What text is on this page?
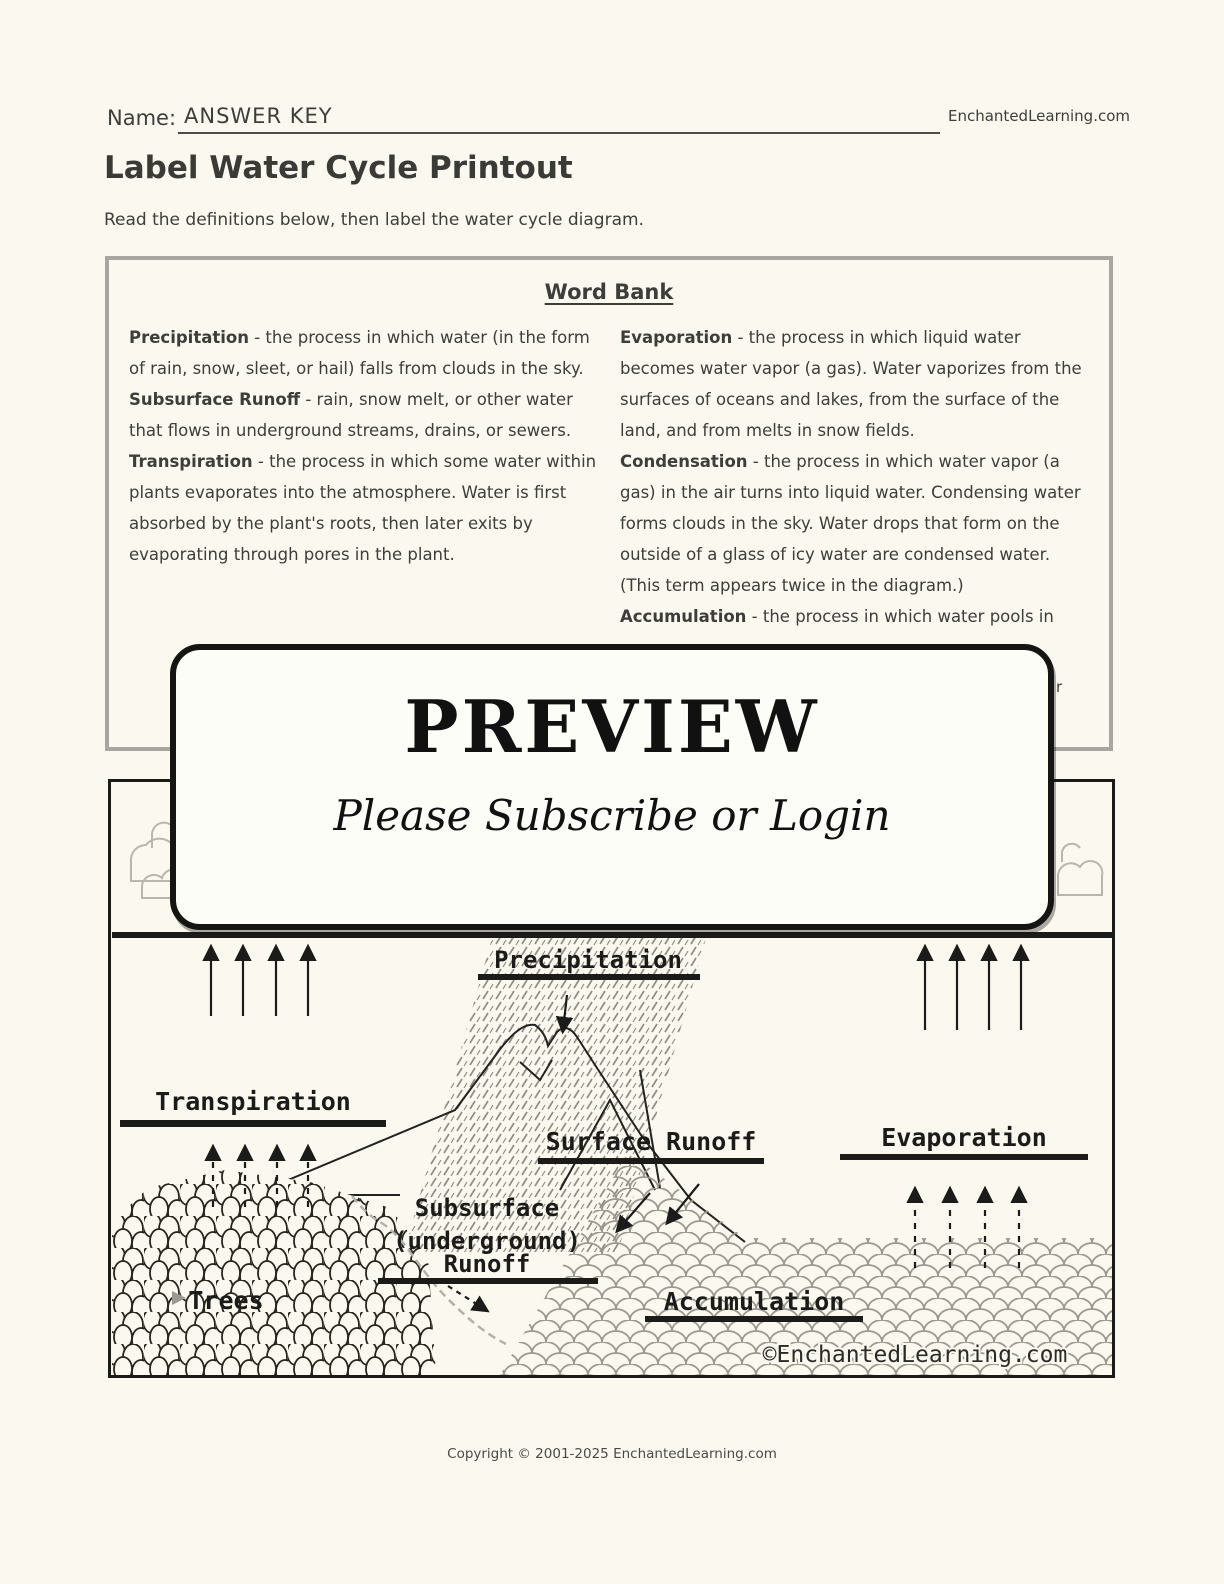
Name: ANSWER KEY	EnchantedLearning.com
Label Water Cycle Printout
Read the definitions below, then label the water cycle diagram.
Word Bank

Precipitation - the process in which water (in the form of rain, snow, sleet, or hail) falls from clouds in the sky.

Subsurface Runoff - rain, snow melt, or other water that flows in underground streams, drains, or sewers.

Transpiration - the process in which some water within plants evaporates into the atmosphere. Water is first absorbed by the plant's roots, then later exits by evaporating through pores in the plant.

Evaporation - the process in which liquid water becomes water vapor (a gas). Water vaporizes from the surfaces of oceans and lakes, from the surface of the land, and from melts in snow fields.

Condensation - the process in which water vapor (a gas) in the air turns into liquid water. Condensing water forms clouds in the sky. Water drops that form on the outside of a glass of icy water are condensed water. (This term appears twice in the diagram.)

Accumulation - the process in which water pools in

r
Precipitation
Transpiration
Surface Runoff	Evaporation
Subsurface
(underground)
Runoff
Trees	Accumulation
©EnchantedLearning.com
PREVIEW
Please Subscribe or Login
Copyright © 2001-2025 EnchantedLearning.com
